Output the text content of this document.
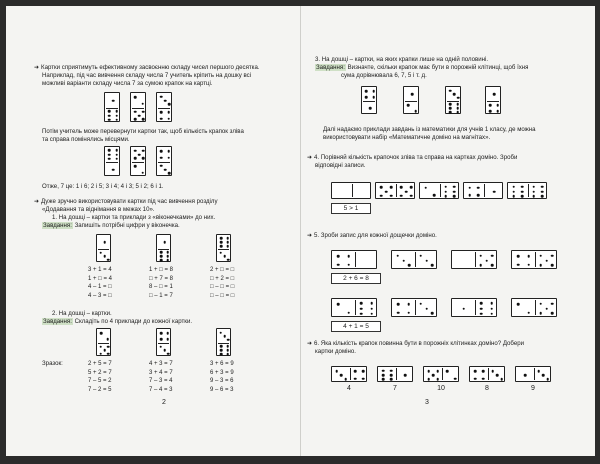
➜ Картки сприятимуть ефективному засвоєнню складу чисел першого десятка.
Наприклад, під час вивчення складу числа 7 учитель кріпить на дошку всі
можливі варіанти складу числа 7 за сумою крапок на картці.
Потім учитель може перевернути картки так, щоб кількість крапок зліва
та справа помінялись місцями.
Отже, 7 це: 1 і 6; 2 і 5; 3 і 4; 4 і 3; 5 і 2; 6 і 1.
➜ Дуже зручно використовувати картки під час вивчення розділу
«Додавання та віднімання в межах 10».
1. На дошці – картки та приклади з «віконечками» до них.
Завдання: Запишіть потрібні цифри у віконечка.
3 + 1 = 4
1 + □ = 4
4 – 1 = □
4 – 3 = □
1 + □ = 8
□ + 7 = 8
8 – □ = 1
□ – 1 = 7
2 + □ = □
□ + 2 = □
□ – □ = □
□ – □ = □
2. На дошці – картки.
Завдання: Складіть по 4 приклади до кожної картки.
Зразок:	2 + 5 = 7
5 + 2 = 7
7 – 5 = 2
7 – 2 = 5
4 + 3 = 7
3 + 4 = 7
7 – 3 = 4
7 – 4 = 3
3 + 6 = 9
6 + 3 = 9
9 – 3 = 6
9 – 6 = 3
2
3. На дошці – картки, на яких крапки лише на одній половині.
Завдання: Визначте, скільки крапок має бути в порожній клітинці, щоб їхня
сума дорівнювала 6, 7, 5 і т. д.
Далі надаємо приклади завдань із математики для учнів 1 класу, де можна
використовувати набір «Математичне доміно на магнітах».
➜ 4. Порівняй кількість крапочок зліва та справа на картках доміно. Зроби
відповідні записи.
5 > 1
➜ 5. Зроби запис для кожної дощечки доміно.
2 + 6 = 8
4 + 1 = 5
➜ 6. Яка кількість крапок повинна бути в порожніх клітинках доміно? Добери
картки доміно.
4	7	10	8	9
3
